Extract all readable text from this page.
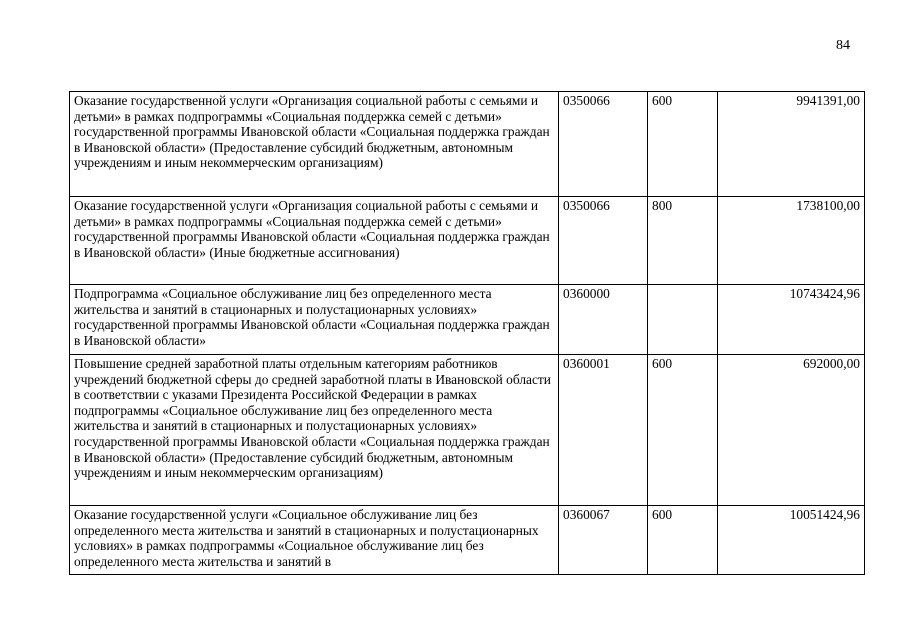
84
Оказание государственной услуги «Организация социальной работы с семьями и детьми» в рамках подпрограммы «Социальная поддержка семей с детьми» государственной программы Ивановской области «Социальная поддержка граждан в Ивановской области» (Предоставление субсидий бюджетным, автономным учреждениям и иным некоммерческим организациям)	0350066	600	9941391,00
Оказание государственной услуги «Организация социальной работы с семьями и детьми» в рамках подпрограммы «Социальная поддержка семей с детьми» государственной программы Ивановской области «Социальная поддержка граждан в Ивановской области» (Иные бюджетные ассигнования)	0350066	800	1738100,00
Подпрограмма «Социальное обслуживание лиц без определенного места жительства и занятий в стационарных и полустационарных условиях» государственной программы Ивановской области «Социальная поддержка граждан в Ивановской области»	0360000		10743424,96
Повышение средней заработной платы отдельным категориям работников учреждений бюджетной сферы до средней заработной платы в Ивановской области в соответствии с указами Президента Российской Федерации в рамках подпрограммы «Социальное обслуживание лиц без определенного места жительства и занятий в стационарных и полустационарных условиях» государственной программы Ивановской области «Социальная поддержка граждан в Ивановской области» (Предоставление субсидий бюджетным, автономным учреждениям и иным некоммерческим организациям)	0360001	600	692000,00
Оказание государственной услуги «Социальное обслуживание лиц без определенного места жительства и занятий в стационарных и полустационарных условиях» в рамках подпрограммы «Социальное обслуживание лиц без определенного места жительства и занятий в	0360067	600	10051424,96
